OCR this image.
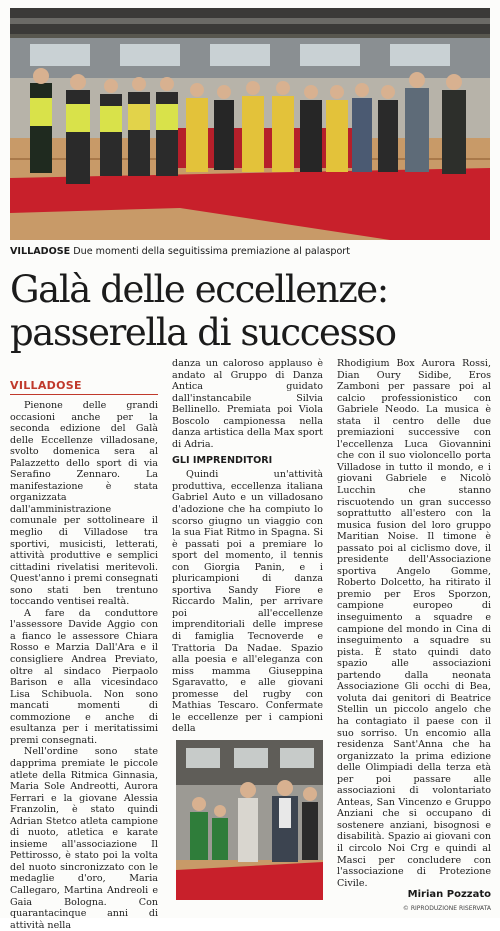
VILLADOSE Due momenti della seguitissima premiazione al palasport
Galà delle eccellenze:
passerella di successo
VILLADOSE

Pienone delle grandi occasioni anche per la seconda edizione del Galà delle Eccellenze villadosane, svolto domenica sera al Palazzetto dello sport di via Serafino Zennaro. La manifestazione è stata organizzata dall'amministrazione comunale per sottolineare il meglio di Villadose tra sportivi, musicisti, letterati, attività produttive e semplici cittadini rivelatisi meritevoli. Quest'anno i premi consegnati sono stati ben trentuno toccando ventisei realtà.

A fare da conduttore l'assessore Davide Aggio con a fianco le assessore Chiara Rosso e Marzia Dall'Ara e il consigliere Andrea Previato, oltre al sindaco Pierpaolo Barison e alla vicesindaco Lisa Schibuola. Non sono mancati momenti di commozione e anche di esultanza per i meritatissimi premi consegnati.

Nell'ordine sono state dapprima premiate le piccole atlete della Ritmica Ginnasia, Maria Sole Andreotti, Aurora Ferrari e la giovane Alessia Franzolin, è stato quindi Adrian Stetco atleta campione di nuoto, atletica e karate insieme all'associazione Il Pettirosso, è stato poi la volta del nuoto sincronizzato con le medaglie d'oro, Maria Callegaro, Martina Andreoli e Gaia Bologna. Con quarantacinque anni di attività nella

danza un caloroso applauso è andato al Gruppo di Danza Antica guidato dall'instancabile Silvia Bellinello. Premiata poi Viola Boscolo campionessa nella danza artistica della Max sport di Adria.

GLI IMPRENDITORI

Quindi un'attività produttiva, eccellenza italiana Gabriel Auto e un villadosano d'adozione che ha compiuto lo scorso giugno un viaggio con la sua Fiat Ritmo in Spagna. Si è passati poi a premiare lo sport del momento, il tennis con Giorgia Panin, e i pluricampioni di danza sportiva Sandy Fiore e Riccardo Malin, per arrivare poi all'eccellenze imprenditoriali delle imprese di famiglia Tecnoverde e Trattoria Da Nadae. Spazio alla poesia e all'eleganza con miss mamma Giuseppina Sgaravatto, e alle giovani promesse del rugby con Mathias Tescaro. Confermate le eccellenze per i campioni della

Rhodigium Box Aurora Rossi, Dian Oury Sidibe, Eros Zamboni per passare poi al calcio professionistico con Gabriele Neodo. La musica è stata il centro delle due premiazioni successive con l'eccellenza Luca Giovannini che con il suo violoncello porta Villadose in tutto il mondo, e i giovani Gabriele e Nicolò Lucchin che stanno riscuotendo un gran successo soprattutto all'estero con la musica fusion del loro gruppo Maritian Noise. Il timone è passato poi al ciclismo dove, il presidente dell'Associazione sportiva Angelo Gomme, Roberto Dolcetto, ha ritirato il premio per Eros Sporzon, campione europeo di inseguimento a squadre e campione del mondo in Cina di inseguimento a squadre su pista. È stato quindi dato spazio alle associazioni partendo dalla neonata Associazione Gli occhi di Bea, voluta dai genitori di Beatrice Stellin un piccolo angelo che ha contagiato il paese con il suo sorriso. Un encomio alla residenza Sant'Anna che ha organizzato la prima edizione delle Olimpiadi della terza età per poi passare alle associazioni di volontariato Anteas, San Vincenzo e Gruppo Anziani che si occupano di sostenere anziani, bisognosi e disabilità. Spazio ai giovani con il circolo Noi Crg e quindi al Masci per concludere con l'associazione di Protezione Civile.

Mirian Pozzato
© RIPRODUZIONE RISERVATA
